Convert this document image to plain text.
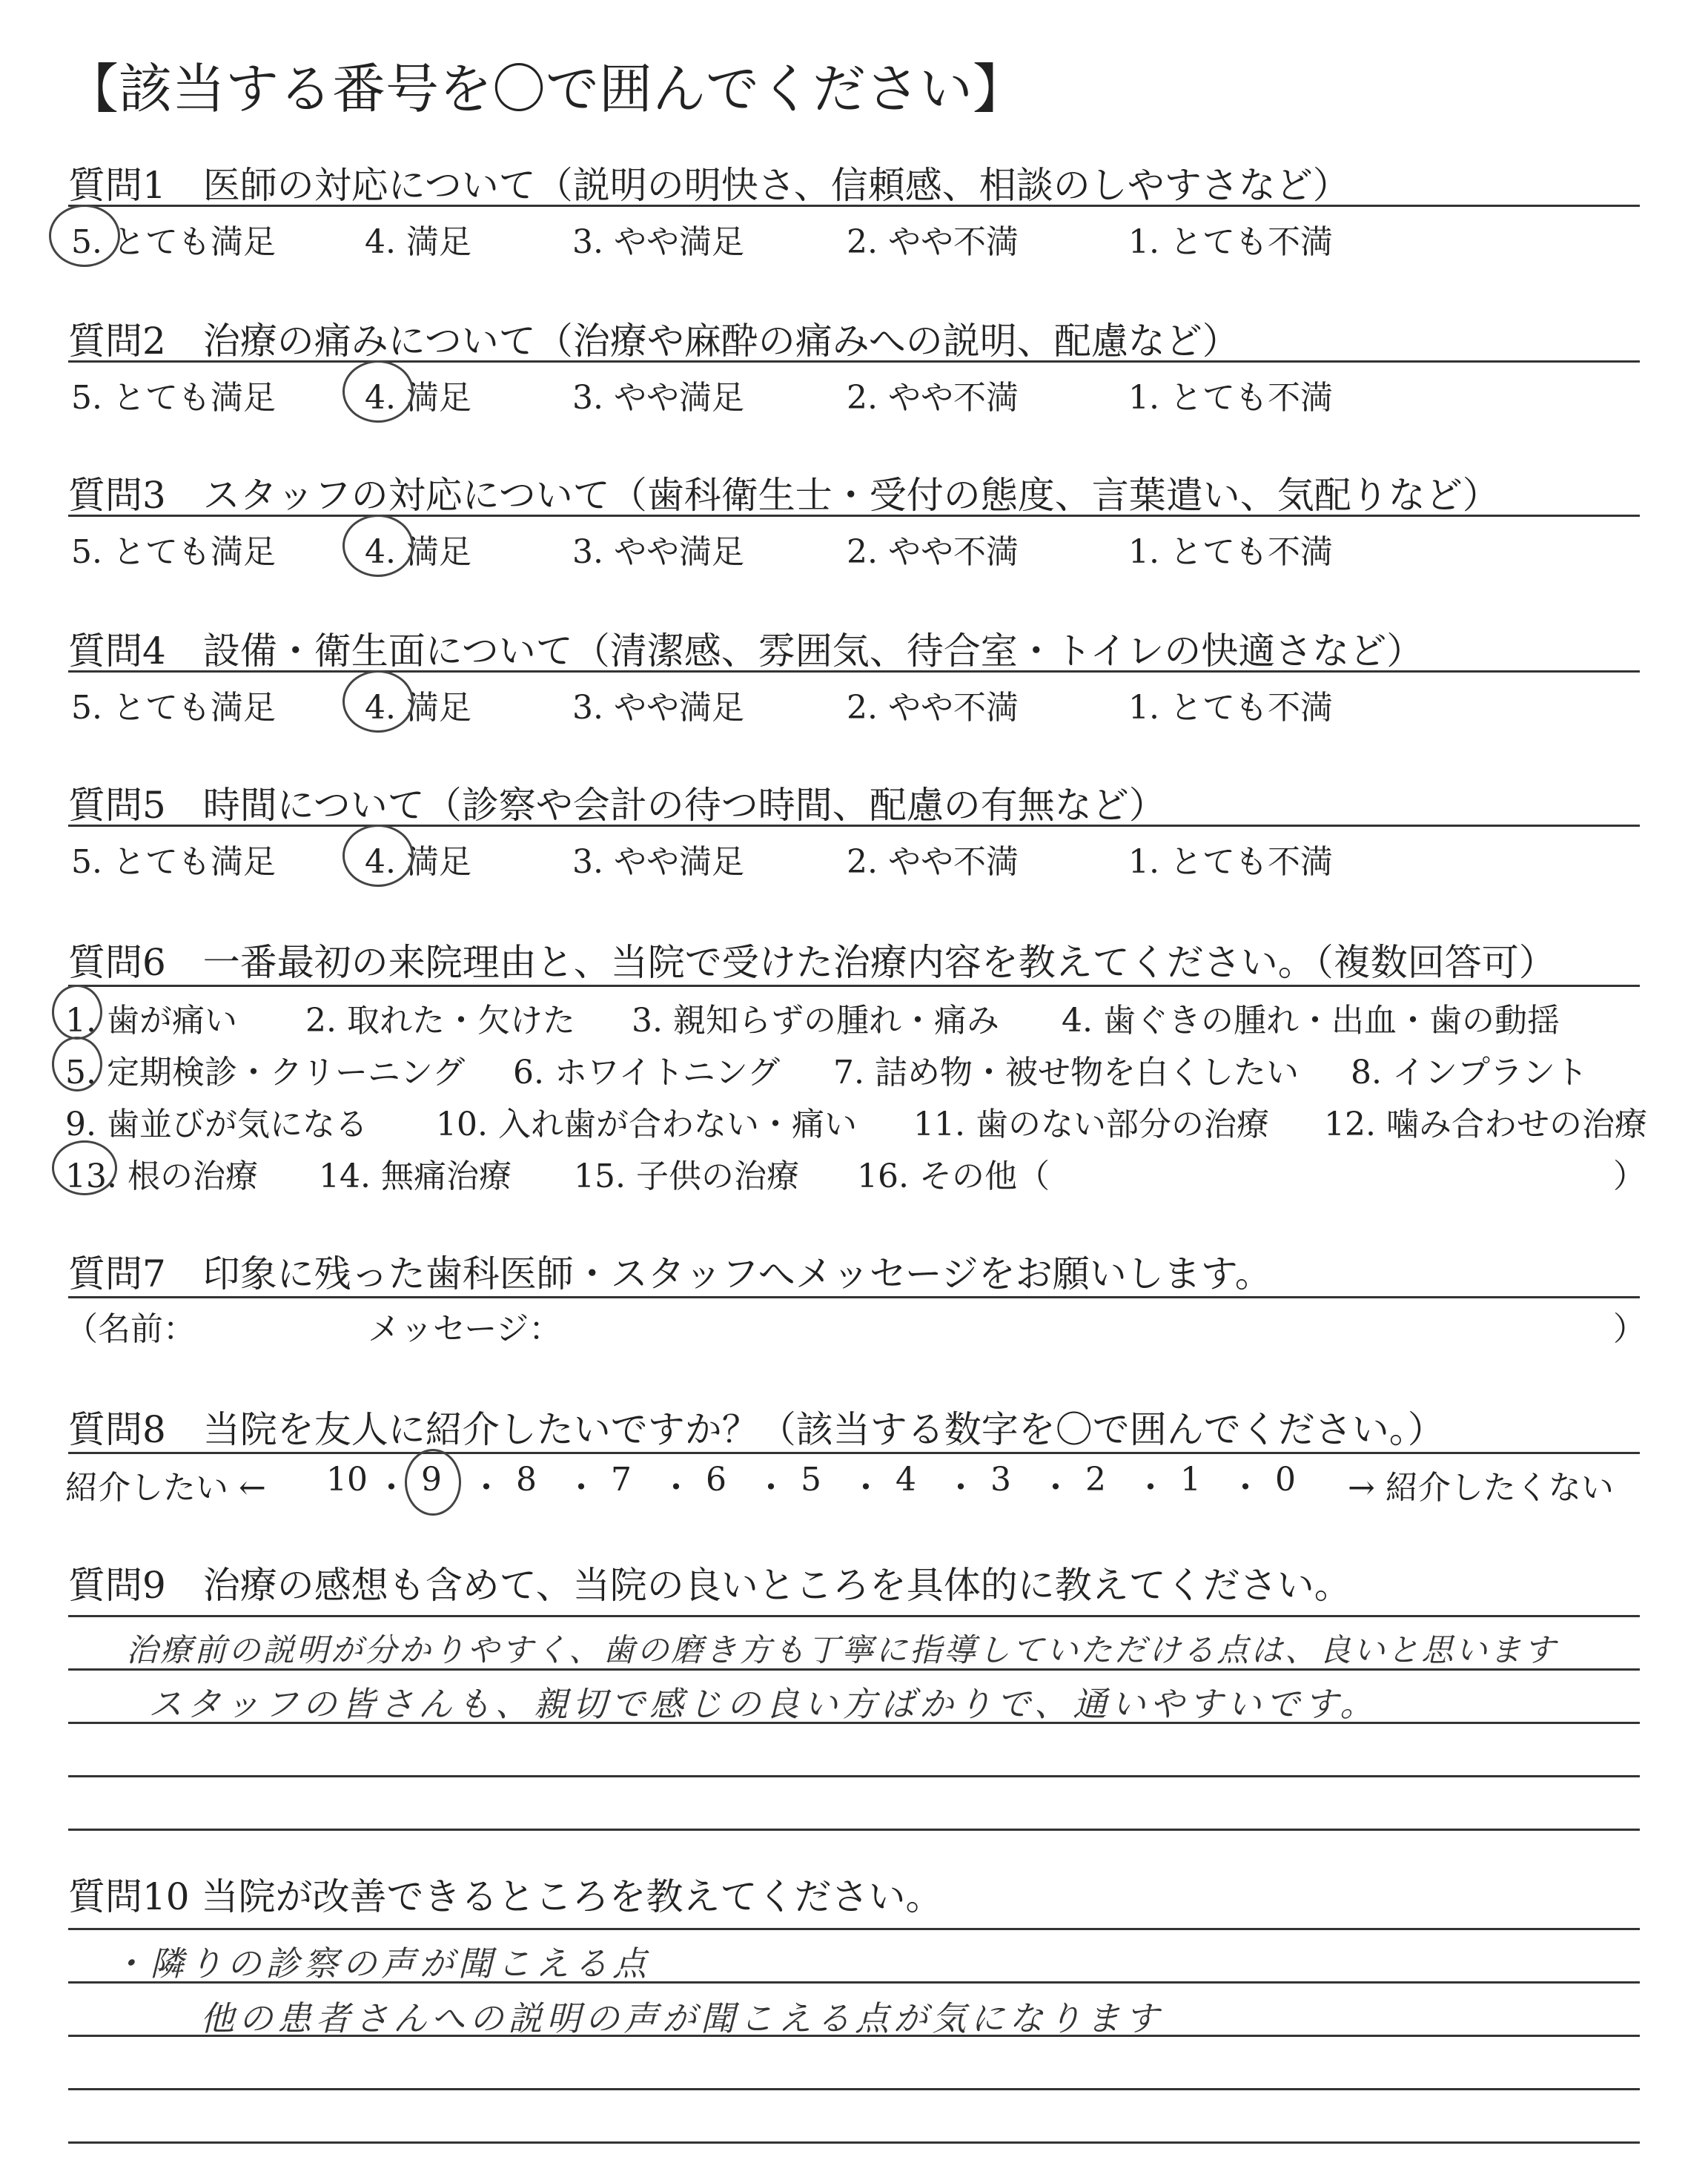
【該当する番号を〇で囲んでください】
質問6　一番最初の来院理由と、当院で受けた治療内容を教えてください。（複数回答可）
質問7　印象に残った歯科医師・スタッフへメッセージをお願いします。
（名前：	メッセージ：	）
質問8　当院を友人に紹介したいですか？（該当する数字を〇で囲んでください。）
紹介したい ←	→ 紹介したくない
質問9　治療の感想も含めて、当院の良いところを具体的に教えてください。
治療前の説明が分かりやすく、歯の磨き方も丁寧に指導していただける点は、良いと思います
スタッフの皆さんも、親切で感じの良い方ばかりで、通いやすいです。
質問10 当院が改善できるところを教えてください。
・隣りの診察の声が聞こえる点
他の患者さんへの説明の声が聞こえる点が気になります
質問1　医師の対応について（説明の明快さ、信頼感、相談のしやすさなど）
5. とても満足	4. 満足	3. やや満足	2. やや不満	1. とても不満
質問2　治療の痛みについて（治療や麻酔の痛みへの説明、配慮など）
5. とても満足	4. 満足	3. やや満足	2. やや不満	1. とても不満
質問3　スタッフの対応について（歯科衛生士・受付の態度、言葉遣い、気配りなど）
5. とても満足	4. 満足	3. やや満足	2. やや不満	1. とても不満
質問4　設備・衛生面について（清潔感、雰囲気、待合室・トイレの快適さなど）
5. とても満足	4. 満足	3. やや満足	2. やや不満	1. とても不満
質問5　時間について（診察や会計の待つ時間、配慮の有無など）
5. とても満足	4. 満足	3. やや満足	2. やや不満	1. とても不満
1. 歯が痛い 2. 取れた・欠けた 3. 親知らずの腫れ・痛み 4. 歯ぐきの腫れ・出血・歯の動揺
5. 定期検診・クリーニング 6. ホワイトニング 7. 詰め物・被せ物を白くしたい 8. インプラント
9. 歯並びが気になる 10. 入れ歯が合わない・痛い 11. 歯のない部分の治療 12. 噛み合わせの治療
13. 根の治療 14. 無痛治療 15. 子供の治療 16. その他（	）
10 ・ 9 ・ 8 ・ 7 ・ 6 ・ 5 ・ 4 ・ 3 ・ 2 ・ 1 ・ 0
